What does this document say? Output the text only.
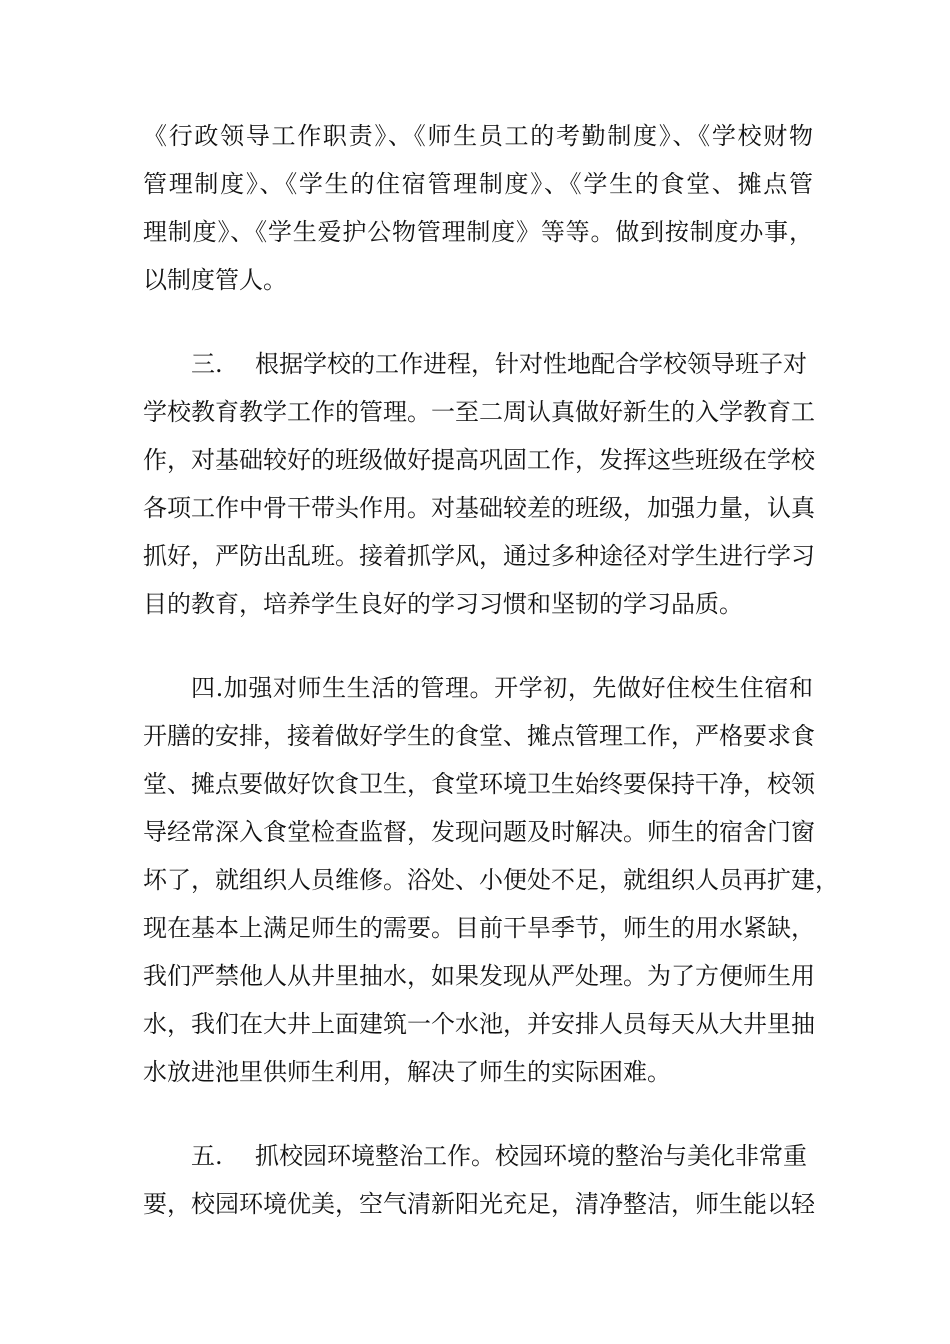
《行政领导工作职责》、《师生员工的考勤制度》、《学校财物
管理制度》、《学生的住宿管理制度》、《学生的食堂、摊点管
理制度》、《学生爱护公物管理制度》等等。做到按制度办事，
以制度管人。
三. 根据学校的工作进程，针对性地配合学校领导班子对
学校教育教学工作的管理。一至二周认真做好新生的入学教育工
作，对基础较好的班级做好提高巩固工作，发挥这些班级在学校
各项工作中骨干带头作用。对基础较差的班级，加强力量，认真
抓好，严防出乱班。接着抓学风，通过多种途径对学生进行学习
目的教育，培养学生良好的学习习惯和坚韧的学习品质。
四.加强对师生生活的管理。开学初，先做好住校生住宿和
开膳的安排，接着做好学生的食堂、摊点管理工作，严格要求食
堂、摊点要做好饮食卫生，食堂环境卫生始终要保持干净，校领
导经常深入食堂检查监督，发现问题及时解决。师生的宿舍门窗
坏了，就组织人员维修。浴处、小便处不足，就组织人员再扩建，
现在基本上满足师生的需要。目前干旱季节，师生的用水紧缺，
我们严禁他人从井里抽水，如果发现从严处理。为了方便师生用
水，我们在大井上面建筑一个水池，并安排人员每天从大井里抽
水放进池里供师生利用，解决了师生的实际困难。
五. 抓校园环境整治工作。校园环境的整治与美化非常重
要，校园环境优美，空气清新阳光充足，清净整洁，师生能以轻
